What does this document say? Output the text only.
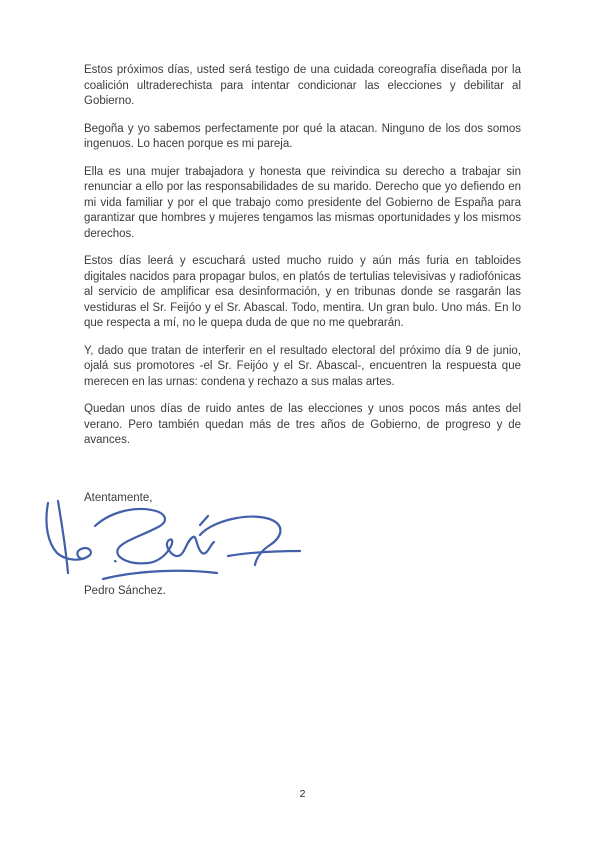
Estos próximos días, usted será testigo de una cuidada coreografía diseñada por la coalición ultraderechista para intentar condicionar las elecciones y debilitar al Gobierno.

Begoña y yo sabemos perfectamente por qué la atacan. Ninguno de los dos somos ingenuos. Lo hacen porque es mi pareja.

Ella es una mujer trabajadora y honesta que reivindica su derecho a trabajar sin renunciar a ello por las responsabilidades de su marido. Derecho que yo defiendo en mi vida familiar y por el que trabajo como presidente del Gobierno de España para garantizar que hombres y mujeres tengamos las mismas oportunidades y los mismos derechos.

Estos días leerá y escuchará usted mucho ruido y aún más furia en tabloides digitales nacidos para propagar bulos, en platós de tertulias televisivas y radiofónicas al servicio de amplificar esa desinformación, y en tribunas donde se rasgarán las vestiduras el Sr. Feijóo y el Sr. Abascal. Todo, mentira. Un gran bulo. Uno más. En lo que respecta a mí, no le quepa duda de que no me quebrarán.

Y, dado que tratan de interferir en el resultado electoral del próximo día 9 de junio, ojalá sus promotores -el Sr. Feijóo y el Sr. Abascal-, encuentren la respuesta que merecen en las urnas: condena y rechazo a sus malas artes.

Quedan unos días de ruido antes de las elecciones y unos pocos más antes del verano. Pero también quedan más de tres años de Gobierno, de progreso y de avances.

Atentamente,

Pedro Sánchez.

2
